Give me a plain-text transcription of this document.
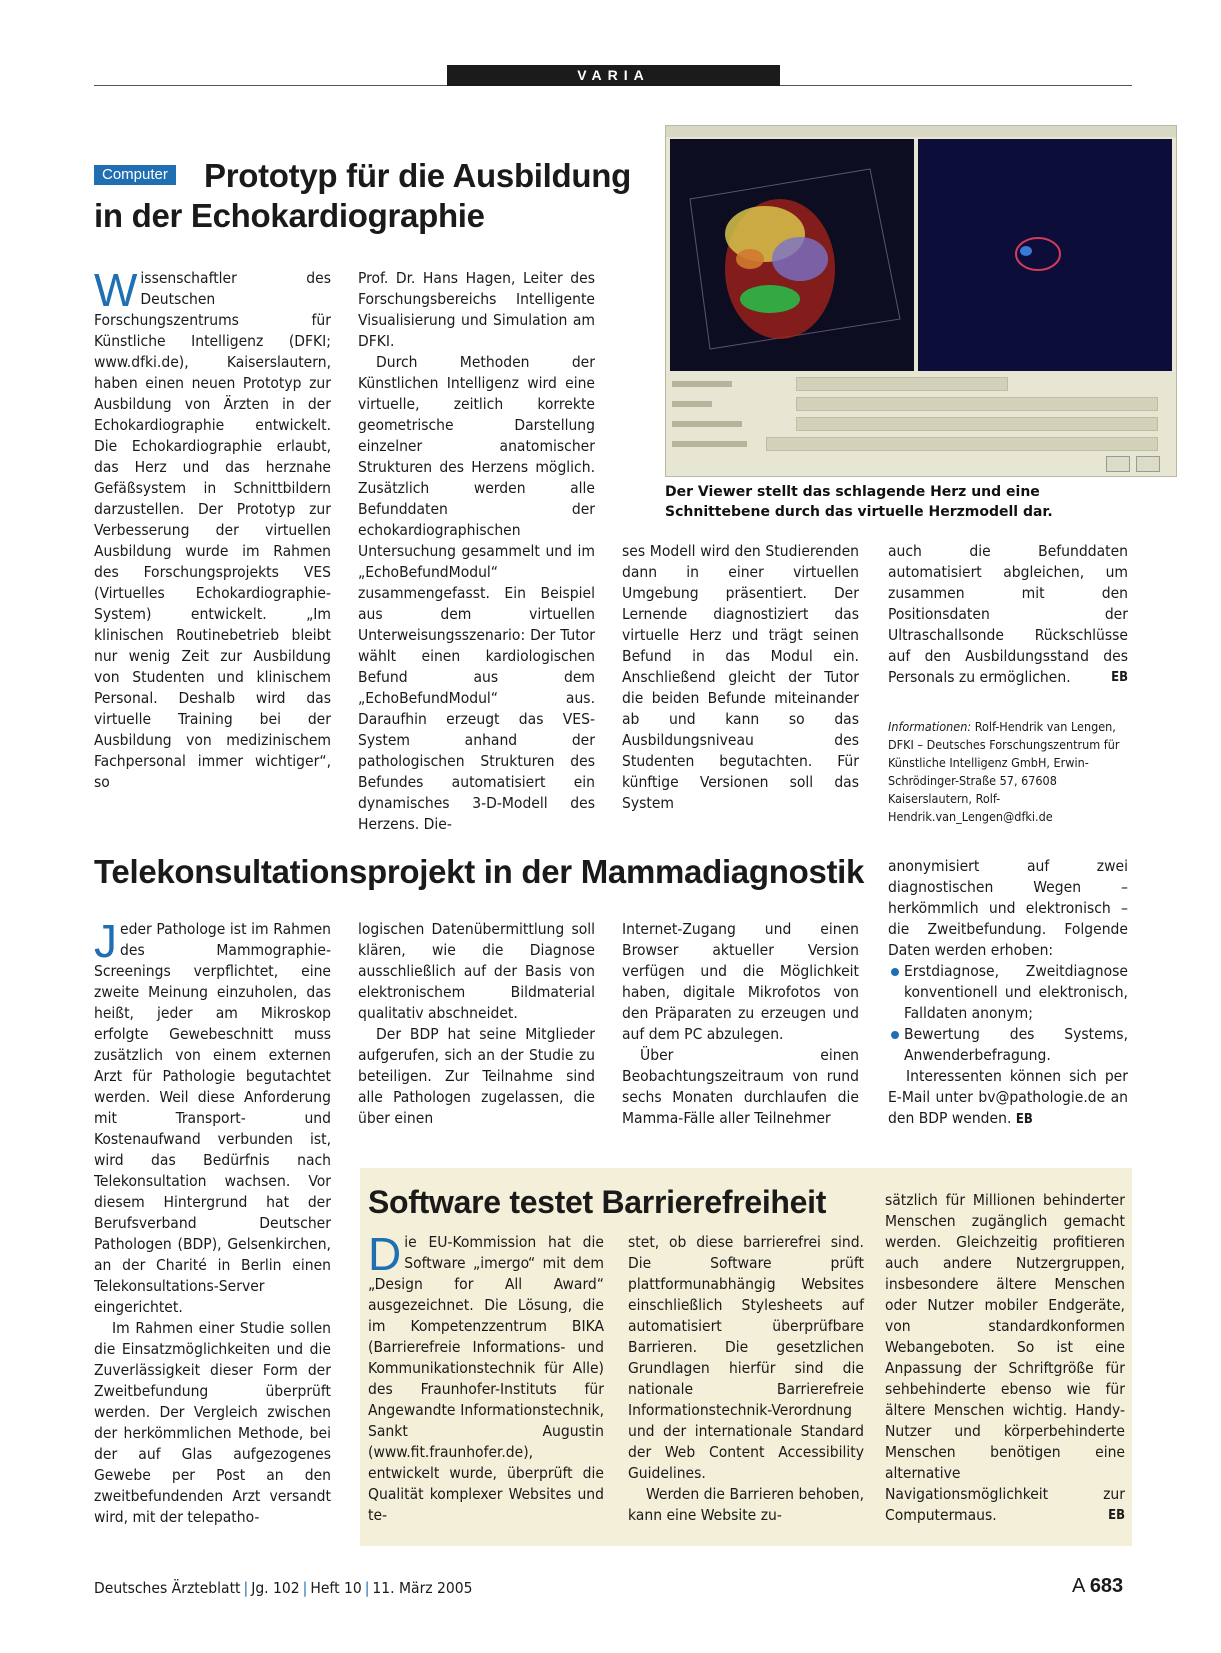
VARIA
Computer Prototyp für die Ausbildung
in der Echokardiographie
Wissenschaftler des Deutschen Forschungszentrums für Künstliche Intelligenz (DFKI; www.dfki.de), Kaiserslautern, haben einen neuen Prototyp zur Ausbildung von Ärzten in der Echokardiographie entwickelt. Die Echokardiographie erlaubt, das Herz und das herznahe Gefäßsystem in Schnittbildern darzustellen. Der Prototyp zur Verbesserung der virtuellen Ausbildung wurde im Rahmen des Forschungsprojekts VES (Virtuelles Echokardiographie-System) entwickelt. „Im klinischen Routinebetrieb bleibt nur wenig Zeit zur Ausbildung von Studenten und klinischem Personal. Deshalb wird das virtuelle Training bei der Ausbildung von medizinischem Fachpersonal immer wichtiger“, so

Prof. Dr. Hans Hagen, Leiter des Forschungsbereichs Intelligente Visualisierung und Simulation am DFKI.

Durch Methoden der Künstlichen Intelligenz wird eine virtuelle, zeitlich korrekte geometrische Darstellung einzelner anatomischer Strukturen des Herzens möglich. Zusätzlich werden alle Befunddaten der echokardiographischen Untersuchung gesammelt und im „EchoBefundModul“ zusammengefasst. Ein Beispiel aus dem virtuellen Unterweisungsszenario: Der Tutor wählt einen kardiologischen Befund aus dem „EchoBefundModul“ aus. Daraufhin erzeugt das VES-System anhand der pathologischen Strukturen des Befundes automatisiert ein dynamisches 3-D-Modell des Herzens. Die-

Der Viewer stellt das schlagende Herz und eine Schnittebene durch das virtuelle Herzmodell dar.
ses Modell wird den Studierenden dann in einer virtuellen Umgebung präsentiert. Der Lernende diagnostiziert das virtuelle Herz und trägt seinen Befund in das Modul ein. Anschließend gleicht der Tutor die beiden Befunde miteinander ab und kann so das Ausbildungsniveau des Studenten begutachten. Für künftige Versionen soll das System
auch die Befunddaten automatisiert abgleichen, um zusammen mit den Positionsdaten der Ultraschallsonde Rückschlüsse auf den Ausbildungsstand des Personals zu ermöglichen.	EB
Informationen: Rolf-Hendrik van Lengen, DFKI – Deutsches Forschungszentrum für Künstliche Intelligenz GmbH, Erwin-Schrödinger-Straße 57, 67608 Kaiserslautern, Rolf-Hendrik.van_Lengen@dfki.de
Telekonsultationsprojekt in der Mammadiagnostik

Jeder Pathologe ist im Rahmen des Mammographie-Screenings verpflichtet, eine zweite Meinung einzuholen, das heißt, jeder am Mikroskop erfolgte Gewebeschnitt muss zusätzlich von einem externen Arzt für Pathologie begutachtet werden. Weil diese Anforderung mit Transport- und Kostenaufwand verbunden ist, wird das Bedürfnis nach Telekonsultation wachsen. Vor diesem Hintergrund hat der Berufsverband Deutscher Pathologen (BDP), Gelsenkirchen, an der Charité in Berlin einen Telekonsultations-Server eingerichtet.

Im Rahmen einer Studie sollen die Einsatzmöglichkeiten und die Zuverlässigkeit dieser Form der Zweitbefundung überprüft werden. Der Vergleich zwischen der herkömmlichen Methode, bei der auf Glas aufgezogenes Gewebe per Post an den zweitbefundenden Arzt versandt wird, mit der telepatho-

logischen Datenübermittlung soll klären, wie die Diagnose ausschließlich auf der Basis von elektronischem Bildmaterial qualitativ abschneidet.

Der BDP hat seine Mitglieder aufgerufen, sich an der Studie zu beteiligen. Zur Teilnahme sind alle Pathologen zugelassen, die über einen

Internet-Zugang und einen Browser aktueller Version verfügen und die Möglichkeit haben, digitale Mikrofotos von den Präparaten zu erzeugen und auf dem PC abzulegen.

Über einen Beobachtungszeitraum von rund sechs Monaten durchlaufen die Mamma-Fälle aller Teilnehmer

anonymisiert auf zwei diagnostischen Wegen – herkömmlich und elektronisch – die Zweitbefundung. Folgende Daten werden erhoben:

Erstdiagnose, Zweitdiagnose konventionell und elektronisch, Falldaten anonym;

Bewertung des Systems, Anwenderbefragung.

Interessenten können sich per E-Mail unter bv@pathologie.de an den BDP wenden. EB

Software testet Barrierefreiheit
Die EU-Kommission hat die Software „imergo“ mit dem „Design for All Award“ ausgezeichnet. Die Lösung, die im Kompetenzzentrum BIKA (Barrierefreie Informations- und Kommunikationstechnik für Alle) des Fraunhofer-Instituts für Angewandte Informationstechnik, Sankt Augustin (www.fit.fraunhofer.de), entwickelt wurde, überprüft die Qualität komplexer Websites und te-

stet, ob diese barrierefrei sind. Die Software prüft plattformunabhängig Websites einschließlich Stylesheets auf automatisiert überprüfbare Barrieren. Die gesetzlichen Grundlagen hierfür sind die nationale Barrierefreie Informationstechnik-Verordnung und der internationale Standard der Web Content Accessibility Guidelines.

Werden die Barrieren behoben, kann eine Website zu-

sätzlich für Millionen behinderter Menschen zugänglich gemacht werden. Gleichzeitig profitieren auch andere Nutzergruppen, insbesondere ältere Menschen oder Nutzer mobiler Endgeräte, von standardkonformen Webangeboten. So ist eine Anpassung der Schriftgröße für sehbehinderte ebenso wie für ältere Menschen wichtig. Handy-Nutzer und körperbehinderte Menschen benötigen eine alternative Navigationsmöglichkeit zur Computermaus.	EB
Deutsches Ärzteblatt | Jg. 102 | Heft 10 | 11. März 2005	A 683
